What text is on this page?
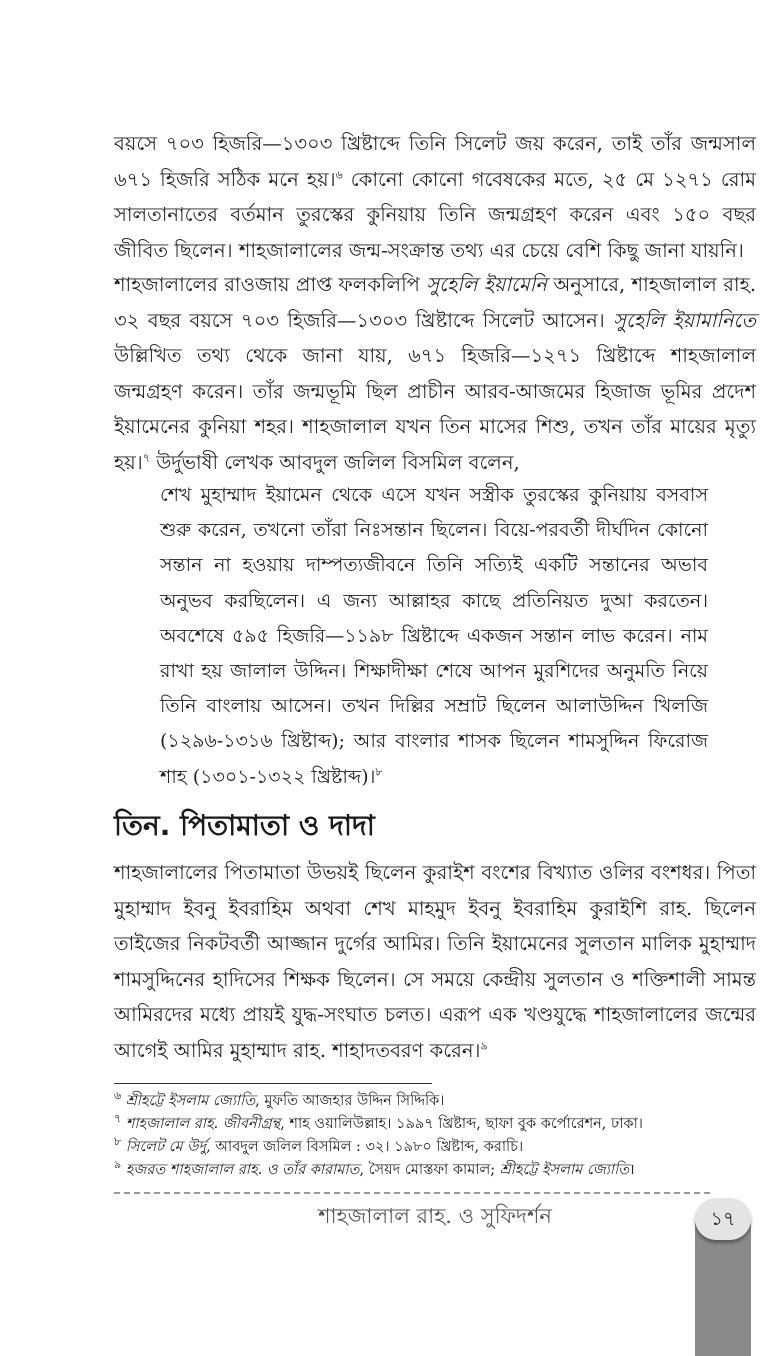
বয়সে ৭০৩ হিজরি—১৩০৩ খ্রিষ্টাব্দে তিনি সিলেট জয় করেন, তাই তাঁর জন্মসাল ৬৭১ হিজরি সঠিক মনে হয়।$^৬$ কোনো কোনো গবেষকের মতে, ২৫ মে ১২৭১ রোম সালতানাতের বর্তমান তুরস্কের কুনিয়ায় তিনি জন্মগ্রহণ করেন এবং ১৫০ বছর জীবিত ছিলেন। শাহজালালের জন্ম-সংক্রান্ত তথ্য এর চেয়ে বেশি কিছু জানা যায়নি।

শাহজালালের রাওজায় প্রাপ্ত ফলকলিপি সুহেলি ইয়ামেনি অনুসারে, শাহজালাল রাহ. ৩২ বছর বয়সে ৭০৩ হিজরি—১৩০৩ খ্রিষ্টাব্দে সিলেট আসেন। সুহেলি ইয়ামানিতে উল্লিখিত তথ্য থেকে জানা যায়, ৬৭১ হিজরি—১২৭১ খ্রিষ্টাব্দে শাহজালাল জন্মগ্রহণ করেন। তাঁর জন্মভূমি ছিল প্রাচীন আরব-আজমের হিজাজ ভূমির প্রদেশ ইয়ামেনের কুনিয়া শহর। শাহজালাল যখন তিন মাসের শিশু, তখন তাঁর মায়ের মৃত্যু হয়।$^৭$ উর্দুভাষী লেখক আবদুল জলিল বিসমিল বলেন,

শেখ মুহাম্মাদ ইয়ামেন থেকে এসে যখন সস্ত্রীক তুরস্কের কুনিয়ায় বসবাস শুরু করেন, তখনো তাঁরা নিঃসন্তান ছিলেন। বিয়ে-পরবর্তী দীর্ঘদিন কোনো সন্তান না হওয়ায় দাম্পত্যজীবনে তিনি সত্যিই একটি সন্তানের অভাব অনুভব করছিলেন। এ জন্য আল্লাহর কাছে প্রতিনিয়ত দুআ করতেন। অবশেষে ৫৯৫ হিজরি—১১৯৮ খ্রিষ্টাব্দে একজন সন্তান লাভ করেন। নাম রাখা হয় জালাল উদ্দিন। শিক্ষাদীক্ষা শেষে আপন মুরশিদের অনুমতি নিয়ে তিনি বাংলায় আসেন। তখন দিল্লির সম্রাট ছিলেন আলাউদ্দিন খিলজি (১২৯৬-১৩১৬ খ্রিষ্টাব্দ); আর বাংলার শাসক ছিলেন শামসুদ্দিন ফিরোজ শাহ (১৩০১-১৩২২ খ্রিষ্টাব্দ)।$^৮$

তিন. পিতামাতা ও দাদা

শাহজালালের পিতামাতা উভয়ই ছিলেন কুরাইশ বংশের বিখ্যাত ওলির বংশধর। পিতা মুহাম্মাদ ইবনু ইবরাহিম অথবা শেখ মাহমুদ ইবনু ইবরাহিম কুরাইশি রাহ. ছিলেন তাইজের নিকটবর্তী আজ্জান দুর্গের আমির। তিনি ইয়ামেনের সুলতান মালিক মুহাম্মাদ শামসুদ্দিনের হাদিসের শিক্ষক ছিলেন। সে সময়ে কেন্দ্রীয় সুলতান ও শক্তিশালী সামন্ত আমিরদের মধ্যে প্রায়ই যুদ্ধ-সংঘাত চলত। এরূপ এক খণ্ডযুদ্ধে শাহজালালের জন্মের আগেই আমির মুহাম্মাদ রাহ. শাহাদতবরণ করেন।$^৯$

$^৬$ শ্রীহট্টে ইসলাম জ্যোতি, মুফতি আজহার উদ্দিন সিদ্দিকি।

$^৭$ শাহজালাল রাহ. জীবনীগ্রন্থ, শাহ ওয়ালিউল্লাহ। ১৯৯৭ খ্রিষ্টাব্দ, ছাফা বুক কর্পোরেশন, ঢাকা।

$^৮$ সিলেট মে উর্দু, আবদুল জলিল বিসমিল : ৩২। ১৯৮০ খ্রিষ্টাব্দ, করাচি।

$^৯$ হজরত শাহজালাল রাহ. ও তাঁর কারামাত, সৈয়দ মোস্তফা কামাল; শ্রীহট্টে ইসলাম জ্যোতি।

শাহজালাল রাহ. ও সুফিদর্শন	১৭
